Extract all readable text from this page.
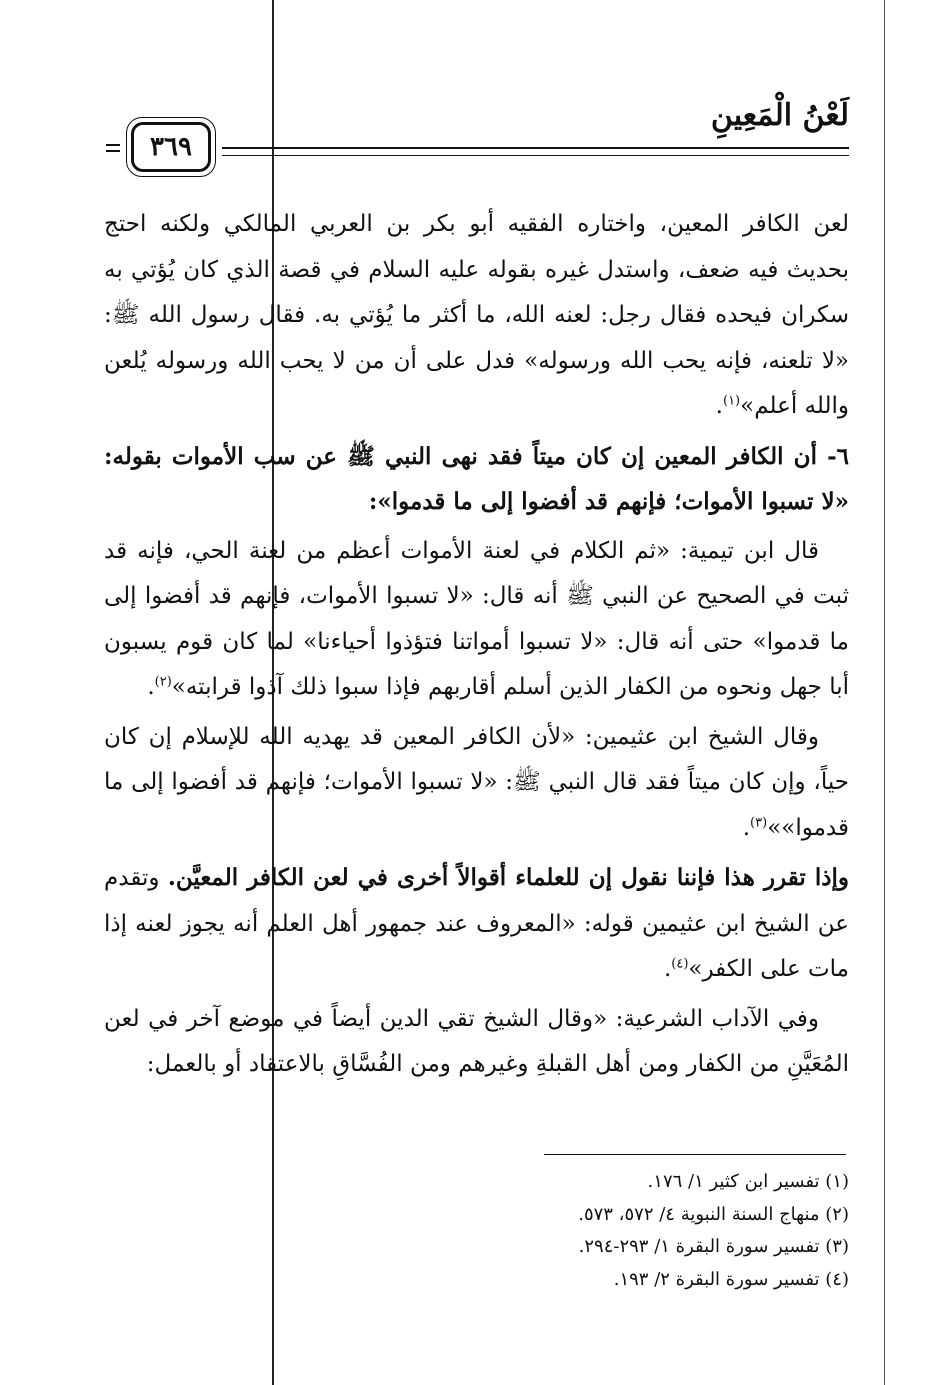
٣٦٩
لَعْنُ الْمَعِينِ

لعن الكافر المعين، واختاره الفقيه أبو بكر بن العربي المالكي ولكنه احتج بحديث فيه ضعف، واستدل غيره بقوله عليه السلام في قصة الذي كان يُؤتي به سكران فيحده فقال رجل: لعنه الله، ما أكثر ما يُؤتي به. فقال رسول الله ﷺ: «لا تلعنه، فإنه يحب الله ورسوله» فدل على أن من لا يحب الله ورسوله يُلعن والله أعلم»$^{(١)}$.

٦- أن الكافر المعين إن كان ميتاً فقد نهى النبي ﷺ عن سب الأموات بقوله: «لا تسبوا الأموات؛ فإنهم قد أفضوا إلى ما قدموا»:

قال ابن تيمية: «ثم الكلام في لعنة الأموات أعظم من لعنة الحي، فإنه قد ثبت في الصحيح عن النبي ﷺ أنه قال: «لا تسبوا الأموات، فإنهم قد أفضوا إلى ما قدموا» حتى أنه قال: «لا تسبوا أمواتنا فتؤذوا أحياءنا» لما كان قوم يسبون أبا جهل ونحوه من الكفار الذين أسلم أقاربهم فإذا سبوا ذلك آذوا قرابته»$^{(٢)}$.

وقال الشيخ ابن عثيمين: «لأن الكافر المعين قد يهديه الله للإسلام إن كان حياً، وإن كان ميتاً فقد قال النبي ﷺ: «لا تسبوا الأموات؛ فإنهم قد أفضوا إلى ما قدموا»»$^{(٣)}$.

وإذا تقرر هذا فإننا نقول إن للعلماء أقوالاً أخرى في لعن الكافر المعيَّن. وتقدم عن الشيخ ابن عثيمين قوله: «المعروف عند جمهور أهل العلم أنه يجوز لعنه إذا مات على الكفر»$^{(٤)}$.

وفي الآداب الشرعية: «وقال الشيخ تقي الدين أيضاً في موضع آخر في لعن المُعَيَّنِ من الكفار ومن أهل القبلةِ وغيرهم ومن الفُسَّاقِ بالاعتقاد أو بالعمل:

(١) تفسير ابن كثير ١/ ١٧٦.

(٢) منهاج السنة النبوية ٤/ ٥٧٢، ٥٧٣.

(٣) تفسير سورة البقرة ١/ ٢٩٣-٢٩٤.

(٤) تفسير سورة البقرة ٢/ ١٩٣.
